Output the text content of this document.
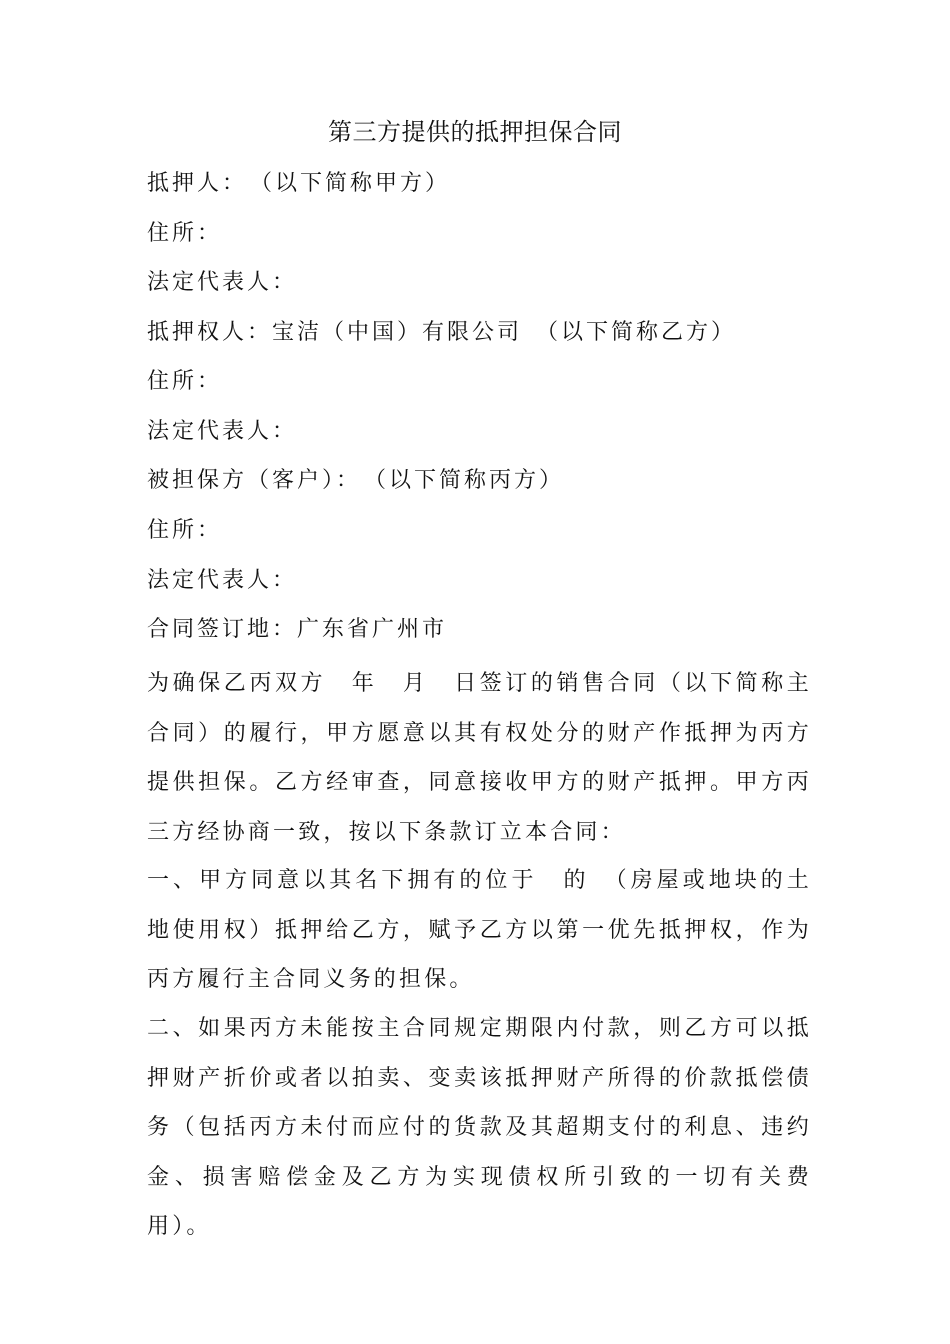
第三方提供的抵押担保合同
抵押人：　（以下简称甲方）
住所：
法定代表人：
抵押权人：宝洁（中国）有限公司　（以下简称乙方）
住所：
法定代表人：
被担保方（客户）：　（以下简称丙方）
住所：
法定代表人：
合同签订地：广东省广州市
为确保乙丙双方　年　月　日签订的销售合同（以下简称主合同）的履行，甲方愿意以其有权处分的财产作抵押为丙方提供担保。乙方经审查，同意接收甲方的财产抵押。甲方丙三方经协商一致，按以下条款订立本合同：
一、甲方同意以其名下拥有的位于　的　（房屋或地块的土地使用权）抵押给乙方，赋予乙方以第一优先抵押权，作为丙方履行主合同义务的担保。
二、如果丙方未能按主合同规定期限内付款，则乙方可以抵押财产折价或者以拍卖、变卖该抵押财产所得的价款抵偿债务（包括丙方未付而应付的货款及其超期支付的利息、违约金、损害赔偿金及乙方为实现债权所引致的一切有关费用）。
